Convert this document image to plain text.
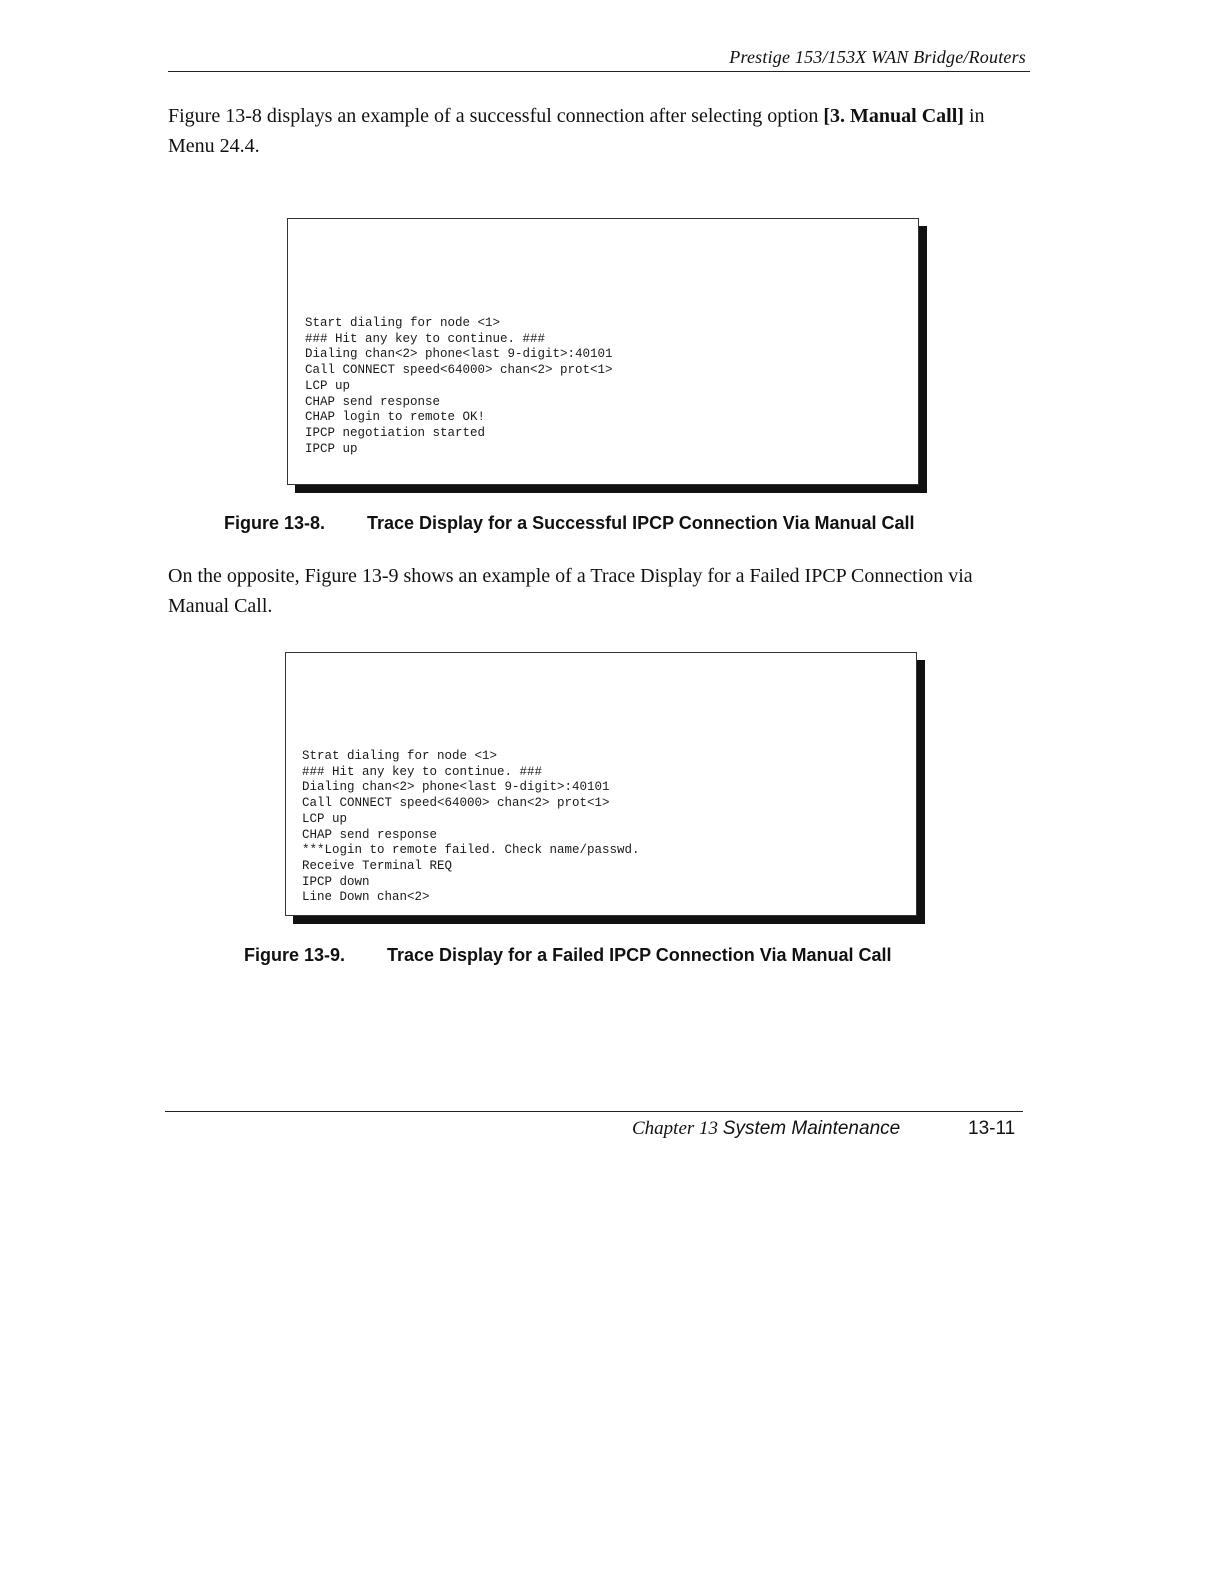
Prestige 153/153X WAN Bridge/Routers

Figure 13-8 displays an example of a successful connection after selecting option [3. Manual Call] in Menu 24.4.

Start dialing for node <1>
### Hit any key to continue. ###
Dialing chan<2> phone<last 9-digit>:40101
Call CONNECT speed<64000> chan<2> prot<1>
LCP up
CHAP send response
CHAP login to remote OK!
IPCP negotiation started
IPCP up

Figure 13-8. Trace Display for a Successful IPCP Connection Via Manual Call

On the opposite, Figure 13-9 shows an example of a Trace Display for a Failed IPCP Connection via Manual Call.

Strat dialing for node <1>
### Hit any key to continue. ###
Dialing chan<2> phone<last 9-digit>:40101
Call CONNECT speed<64000> chan<2> prot<1>
LCP up
CHAP send response
***Login to remote failed. Check name/passwd.
Receive Terminal REQ
IPCP down
Line Down chan<2>

Figure 13-9. Trace Display for a Failed IPCP Connection Via Manual Call

Chapter 13 System Maintenance	13-11
